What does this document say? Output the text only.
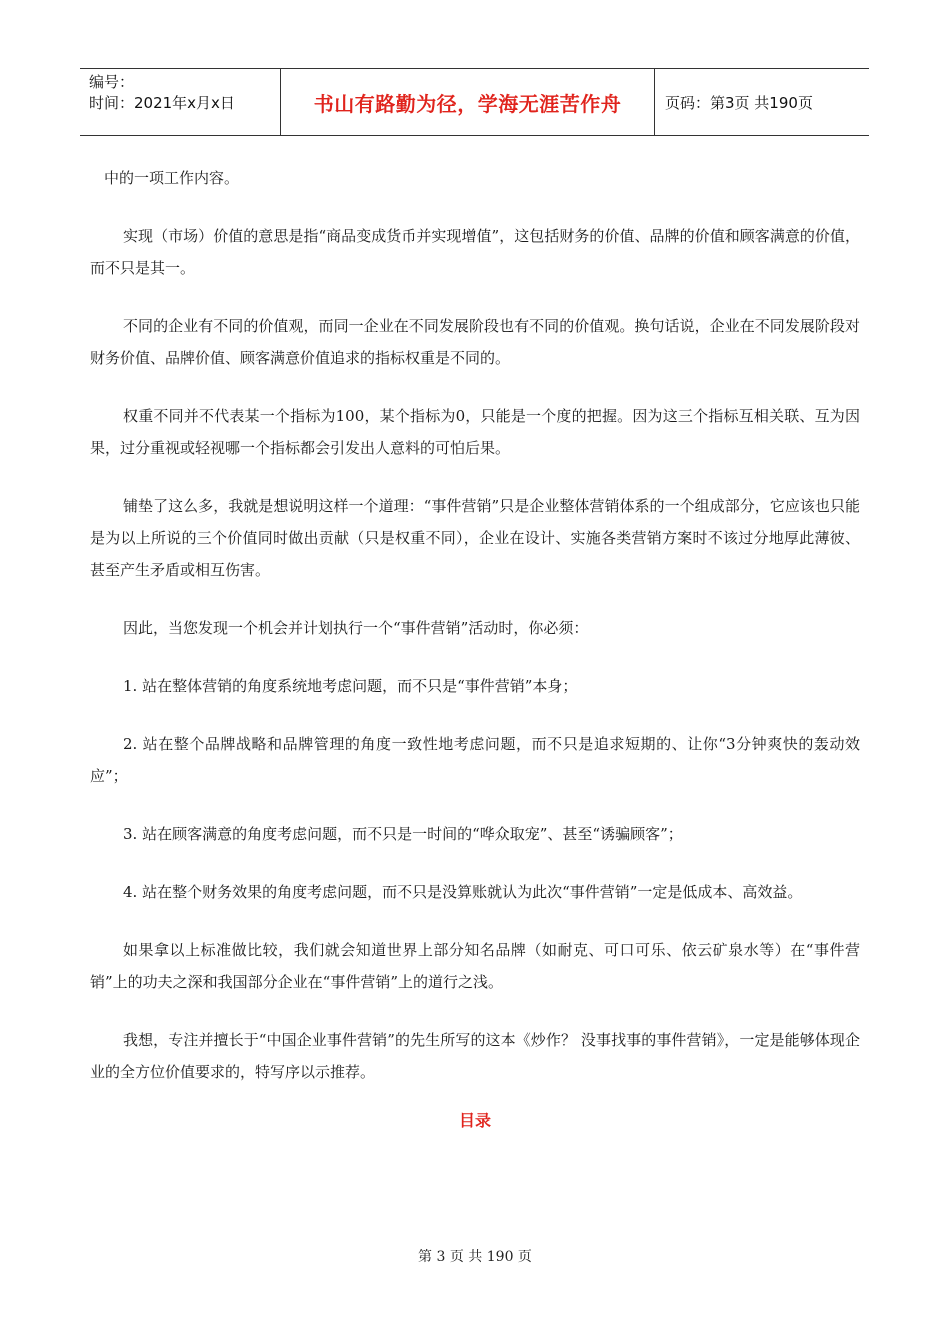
编号：
时间：2021年x月x日	书山有路勤为径，学海无涯苦作舟	页码：第3页 共190页

中的一项工作内容。

实现（市场）价值的意思是指“商品变成货币并实现增值”，这包括财务的价值、品牌的价值和顾客满意的价值，而不只是其一。

不同的企业有不同的价值观，而同一企业在不同发展阶段也有不同的价值观。换句话说，企业在不同发展阶段对财务价值、品牌价值、顾客满意价值追求的指标权重是不同的。

权重不同并不代表某一个指标为100，某个指标为0，只能是一个度的把握。因为这三个指标互相关联、互为因果，过分重视或轻视哪一个指标都会引发出人意料的可怕后果。

铺垫了这么多，我就是想说明这样一个道理：“事件营销”只是企业整体营销体系的一个组成部分，它应该也只能是为以上所说的三个价值同时做出贡献（只是权重不同），企业在设计、实施各类营销方案时不该过分地厚此薄彼、甚至产生矛盾或相互伤害。

因此，当您发现一个机会并计划执行一个“事件营销”活动时，你必须：

1. 站在整体营销的角度系统地考虑问题，而不只是“事件营销”本身；

2. 站在整个品牌战略和品牌管理的角度一致性地考虑问题，而不只是追求短期的、让你“3分钟爽快的轰动效应”；

3. 站在顾客满意的角度考虑问题，而不只是一时间的“哗众取宠”、甚至“诱骗顾客”；

4. 站在整个财务效果的角度考虑问题，而不只是没算账就认为此次“事件营销”一定是低成本、高效益。

如果拿以上标准做比较，我们就会知道世界上部分知名品牌（如耐克、可口可乐、依云矿泉水等）在“事件营销”上的功夫之深和我国部分企业在“事件营销”上的道行之浅。

我想，专注并擅长于“中国企业事件营销”的先生所写的这本《炒作？ 没事找事的事件营销》，一定是能够体现企业的全方位价值要求的，特写序以示推荐。

目录
第 3 页 共 190 页
